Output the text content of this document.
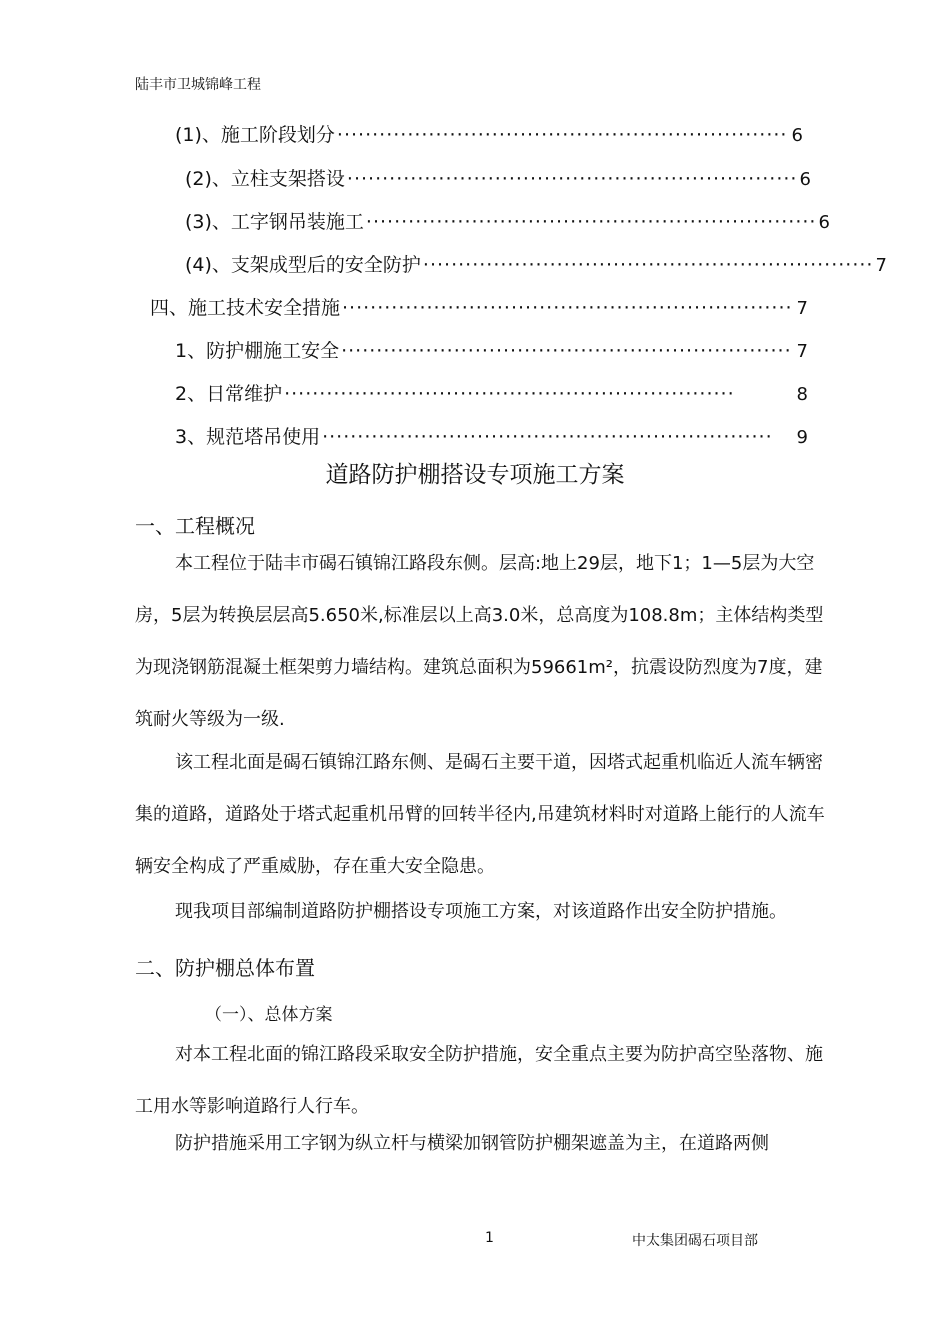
陆丰市卫城锦峰工程
(1)、施工阶段划分 ································································ 6
(2)、立柱支架搭设 ································································ 6
(3)、工字钢吊装施工 ································································ 6
(4)、支架成型后的安全防护 ································································ 7
四、施工技术安全措施 ································································ 7
1、防护棚施工安全 ································································ 7
2、日常维护 ································································	8
3、规范塔吊使用 ································································	9
道路防护棚搭设专项施工方案
一、工程概况

本工程位于陆丰市碣石镇锦江路段东侧。层高:地上29层，地下1；1—5层为大空房，5层为转换层层高5.650米,标准层以上高3.0米，总高度为108.8m；主体结构类型为现浇钢筋混凝土框架剪力墙结构。建筑总面积为59661m²，抗震设防烈度为7度，建筑耐火等级为一级.

该工程北面是碣石镇锦江路东侧、是碣石主要干道，因塔式起重机临近人流车辆密集的道路，道路处于塔式起重机吊臂的回转半径内,吊建筑材料时对道路上能行的人流车辆安全构成了严重威胁，存在重大安全隐患。

现我项目部编制道路防护棚搭设专项施工方案，对该道路作出安全防护措施。

二、防护棚总体布置
（一）、总体方案

对本工程北面的锦江路段采取安全防护措施，安全重点主要为防护高空坠落物、施工用水等影响道路行人行车。

防护措施采用工字钢为纵立杆与横梁加钢管防护棚架遮盖为主，在道路两侧

1	中太集团碣石项目部
